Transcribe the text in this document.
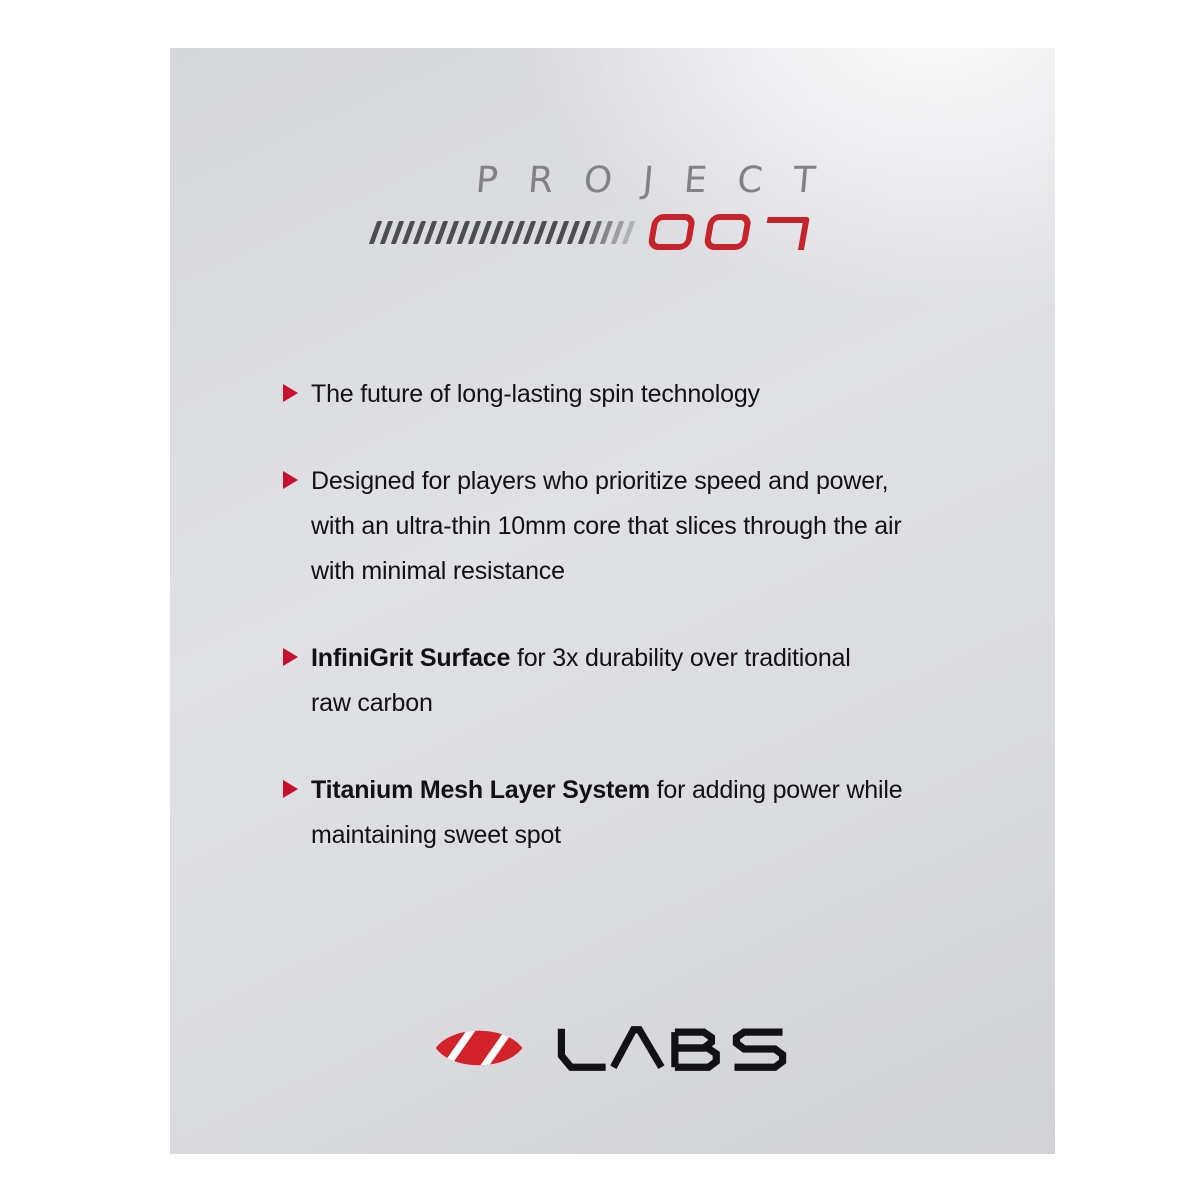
PROJECT

The future of long-lasting spin technology

Designed for players who prioritize speed and power,
with an ultra-thin 10mm core that slices through the air
with minimal resistance

InfiniGrit Surface for 3x durability over traditional
raw carbon

Titanium Mesh Layer System for adding power while
maintaining sweet spot
